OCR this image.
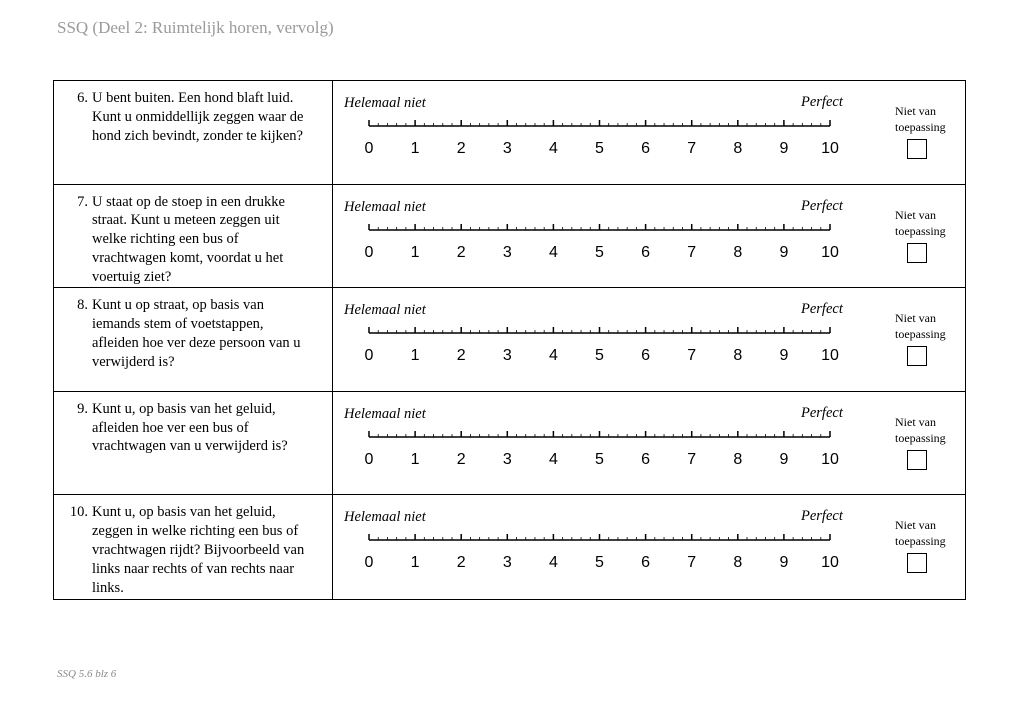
SSQ (Deel 2: Ruimtelijk horen, vervolg)
6. U bent buiten. Een hond blaft luid.
Kunt u onmiddellijk zeggen waar de
hond zich bevindt, zonder te kijken?
Helemaal niet	Perfect
0 1 2 3 4 5 6 7 8 9 10
Niet van
toepassing
7. U staat op de stoep in een drukke
straat. Kunt u meteen zeggen uit
welke richting een bus of
vrachtwagen komt, voordat u het
voertuig ziet?
Helemaal niet	Perfect
0 1 2 3 4 5 6 7 8 9 10
Niet van
toepassing
8. Kunt u op straat, op basis van
iemands stem of voetstappen,
afleiden hoe ver deze persoon van u
verwijderd is?
Helemaal niet	Perfect
0 1 2 3 4 5 6 7 8 9 10
Niet van
toepassing
9. Kunt u, op basis van het geluid,
afleiden hoe ver een bus of
vrachtwagen van u verwijderd is?
Helemaal niet	Perfect
0 1 2 3 4 5 6 7 8 9 10
Niet van
toepassing
10. Kunt u, op basis van het geluid,
zeggen in welke richting een bus of
vrachtwagen rijdt? Bijvoorbeeld van
links naar rechts of van rechts naar
links.
Helemaal niet	Perfect
0 1 2 3 4 5 6 7 8 9 10
Niet van
toepassing
SSQ 5.6 blz 6
